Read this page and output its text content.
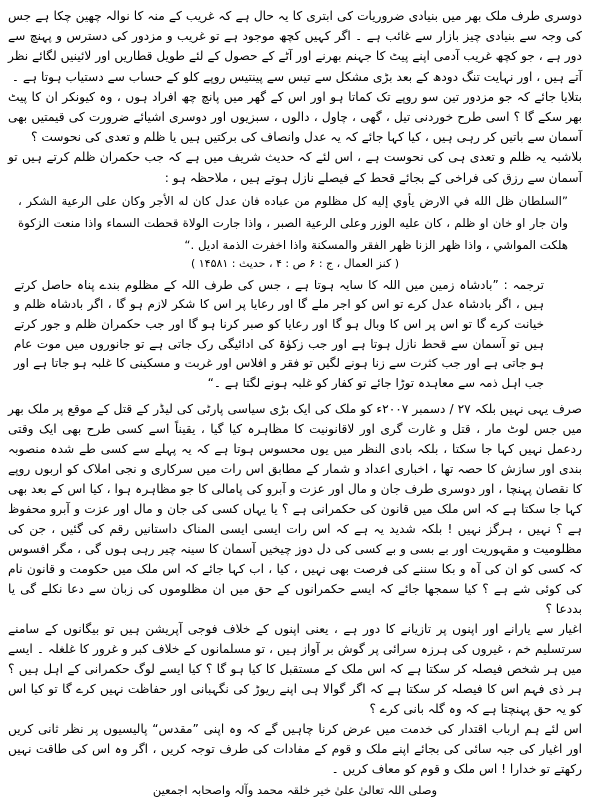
دوسری طرف ملک بھر میں بنیادی ضروریات کی ابتری کا یہ حال ہے کہ غریب کے منہ کا نوالہ چھین چکا ہے جس کی وجہ سے بنیادی چیز بازار سے غائب ہے ۔ اگر کہیں کچھ موجود ہے تو غریب و مزدور کی دسترس و پہنچ سے دور ہے ، جو کچھ غریب آدمی اپنے پیٹ کا جہنم بھرنے اور آٹے کے حصول کے لئے طویل قطاریں اور لائینیں لگائے نظر آتے ہیں ، اور نہایت تنگ دودھ کے بعد بڑی مشکل سے تیس سے پینتیس روپے کلو کے حساب سے دستیاب ہوتا ہے ۔

بتلایا جائے کہ جو مزدور تین سو روپے تک کماتا ہو اور اس کے گھر میں پانچ چھ افراد ہوں ، وہ کیونکر ان کا پیٹ بھر سکے گا ؟ اسی طرح خوردنی تیل ، گھی ، چاول ، دالوں ، سبزیوں اور دوسری اشیائے ضرورت کی قیمتیں بھی آسمان سے باتیں کر رہی ہیں ، کیا کہا جائے کہ یہ عدل وانصاف کی برکتیں ہیں یا ظلم و تعدی کی نحوست ؟

بلاشبہ یہ ظلم و تعدی ہی کی نحوست ہے ، اس لئے کہ حدیث شریف میں ہے کہ جب حکمران ظلم کرتے ہیں تو آسمان سے رزق کی فراخی کے بجائے قحط کے فیصلے نازل ہوتے ہیں ، ملاحظہ ہو :

”السلطان ظل الله في الارض يأوي إليه كل مظلوم من عباده فان عدل كان له الأجر وكان على الرعية الشكر ، وان جار او خان او ظلم ، كان عليه الوزر وعلى الرعية الصبر ، واذا جارت الولاة قحطت السماء واذا منعت الزكوة هلكت المواشي ، واذا ظهر الزنا ظهر الفقر والمسكنة واذا اخفرت الذمة اديل .“

( کنز العمال ، ج : ۶ ص : ۴ ، حدیث : ۱۴۵۸۱ )

ترجمہ : ”بادشاہ زمین میں اللہ کا سایہ ہوتا ہے ، جس کی طرف اللہ کے مظلوم بندے پناہ حاصل کرتے ہیں ، اگر بادشاہ عدل کرے تو اس کو اجر ملے گا اور رعایا پر اس کا شکر لازم ہو گا ، اگر بادشاہ ظلم و خیانت کرے گا تو اس پر اس کا وبال ہو گا اور رعایا کو صبر کرنا ہو گا اور جب حکمران ظلم و جور کرتے ہیں تو آسمان سے قحط نازل ہوتا ہے اور جب زکوٰۃ کی ادائیگی رک جاتی ہے تو جانوروں میں موت عام ہو جاتی ہے اور جب کثرت سے زنا ہونے لگیں تو فقر و افلاس اور غربت و مسکینی کا غلبہ ہو جاتا ہے اور جب اہل ذمہ سے معاہدہ توڑا جائے تو کفار کو غلبہ ہونے لگتا ہے ۔“

صرف یہی نہیں بلکہ ۲۷ / دسمبر ۲۰۰۷ء کو ملک کی ایک بڑی سیاسی پارٹی کی لیڈر کے قتل کے موقع پر ملک بھر میں جس لوٹ مار ، قتل و غارت گری اور لاقانونیت کا مظاہرہ کیا گیا ، یقیناً اسے کسی طرح بھی ایک وقتی ردعمل نہیں کہا جا سکتا ، بلکہ بادی النظر میں یوں محسوس ہوتا ہے کہ یہ پہلے سے کسی طے شدہ منصوبہ بندی اور سازش کا حصہ تھا ، اخباری اعداد و شمار کے مطابق اس رات میں سرکاری و نجی املاک کو اربوں روپے کا نقصان پہنچا ، اور دوسری طرف جان و مال اور عزت و آبرو کی پامالی کا جو مظاہرہ ہوا ، کیا اس کے بعد بھی کہا جا سکتا ہے کہ اس ملک میں قانون کی حکمرانی ہے ؟ یا یہاں کسی کی جان و مال اور عزت و آبرو محفوظ ہے ؟ نہیں ، ہرگز نہیں ! بلکہ شدید یہ ہے کہ اس رات ایسی ایسی المناک داستانیں رقم کی گئیں ، جن کی مظلومیت و مقہوریت اور بے بسی و بے کسی کی دل دوز چیخیں آسمان کا سینہ چیر رہی ہوں گی ، مگر افسوس کہ کسی کو ان کی آہ و بکا سننے کی فرصت بھی نہیں ، کیا ، اب کہا جائے کہ اس ملک میں حکومت و قانون نام کی کوئی شے ہے ؟ کیا سمجھا جائے کہ ایسے حکمرانوں کے حق میں ان مظلوموں کی زبان سے دعا نکلے گی یا بددعا ؟

اغیار سے یارانے اور اپنوں پر تازیانے کا دور ہے ، یعنی اپنوں کے خلاف فوجی آپریشن ہیں تو بیگانوں کے سامنے سرتسلیم خم ، غیروں کی ہرزہ سرائی پر گوش بر آواز ہیں ، تو مسلمانوں کے خلاف کبر و غرور کا غلغلہ ۔ ایسے میں ہر شخص فیصلہ کر سکتا ہے کہ اس ملک کے مستقبل کا کیا ہو گا ؟ کیا ایسے لوگ حکمرانی کے اہل ہیں ؟ ہر ذی فہم اس کا فیصلہ کر سکتا ہے کہ اگر گوالا ہی اپنے ریوڑ کی نگہبانی اور حفاظت نہیں کرے گا تو کیا اس کو یہ حق پہنچتا ہے کہ وہ گلہ بانی کرے ؟

اس لئے ہم ارباب اقتدار کی خدمت میں عرض کرنا چاہیں گے کہ وہ اپنی ”مقدس“ پالیسیوں پر نظر ثانی کریں اور اغیار کی جبہ سائی کی بجائے اپنے ملک و قوم کے مفادات کی طرف توجہ کریں ، اگر وہ اس کی طاقت نہیں رکھتے تو خدارا ! اس ملک و قوم کو معاف کریں ۔

وصلی اللہ تعالیٰ علیٰ خیر خلقہ محمد وآلہ واصحابہ اجمعین
